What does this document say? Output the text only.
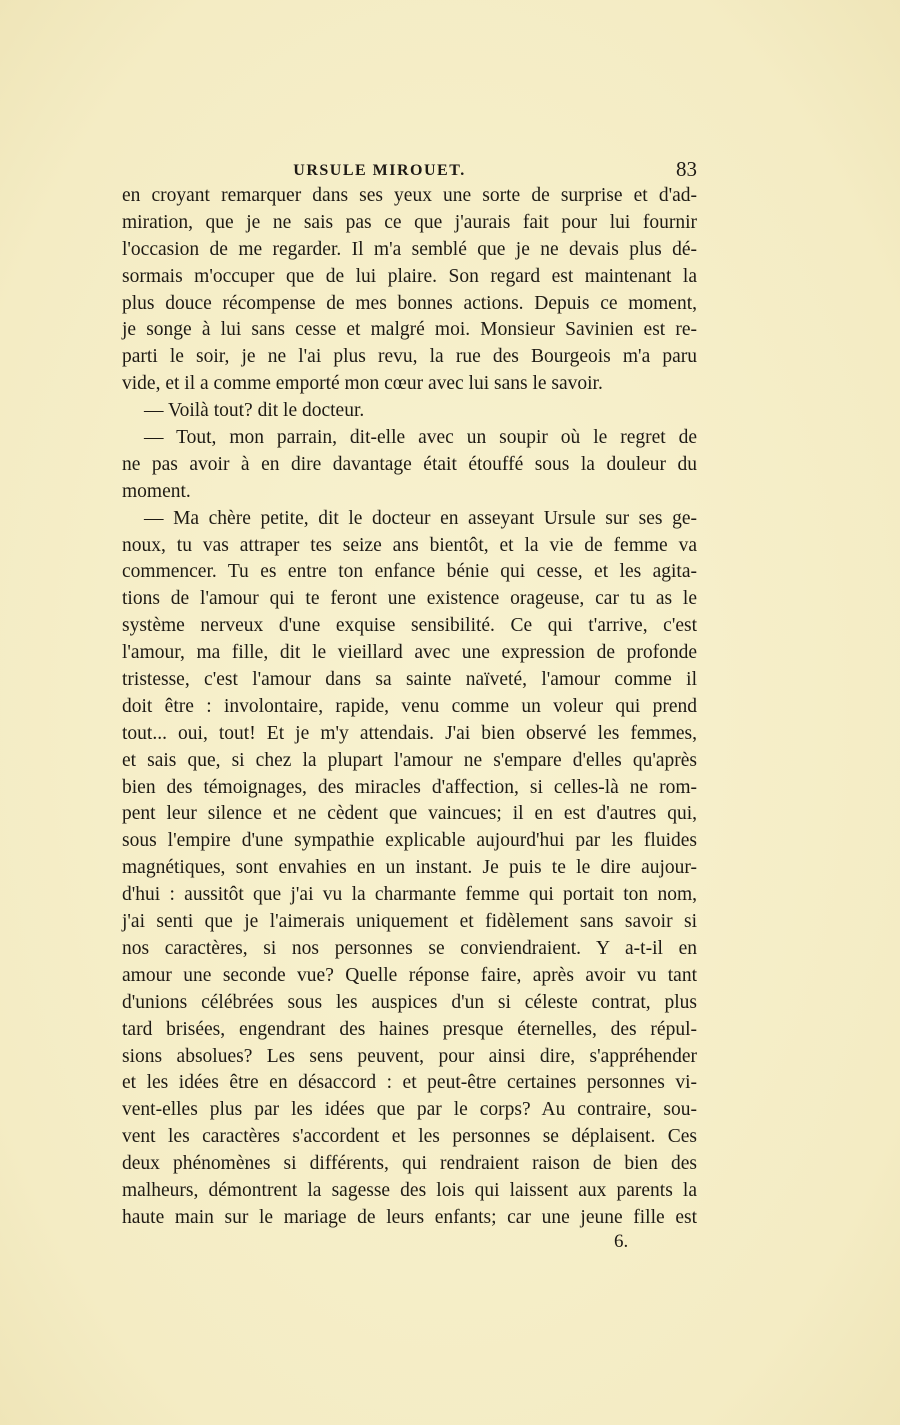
URSULE MIROUET.	83
en croyant remarquer dans ses yeux une sorte de surprise et d'ad-
miration, que je ne sais pas ce que j'aurais fait pour lui fournir
l'occasion de me regarder. Il m'a semblé que je ne devais plus dé-
sormais m'occuper que de lui plaire. Son regard est maintenant la
plus douce récompense de mes bonnes actions. Depuis ce moment,
je songe à lui sans cesse et malgré moi. Monsieur Savinien est re-
parti le soir, je ne l'ai plus revu, la rue des Bourgeois m'a paru
vide, et il a comme emporté mon cœur avec lui sans le savoir.
— Voilà tout? dit le docteur.
— Tout, mon parrain, dit-elle avec un soupir où le regret de
ne pas avoir à en dire davantage était étouffé sous la douleur du
moment.
— Ma chère petite, dit le docteur en asseyant Ursule sur ses ge-
noux, tu vas attraper tes seize ans bientôt, et la vie de femme va
commencer. Tu es entre ton enfance bénie qui cesse, et les agita-
tions de l'amour qui te feront une existence orageuse, car tu as le
système nerveux d'une exquise sensibilité. Ce qui t'arrive, c'est
l'amour, ma fille, dit le vieillard avec une expression de profonde
tristesse, c'est l'amour dans sa sainte naïveté, l'amour comme il
doit être : involontaire, rapide, venu comme un voleur qui prend
tout... oui, tout! Et je m'y attendais. J'ai bien observé les femmes,
et sais que, si chez la plupart l'amour ne s'empare d'elles qu'après
bien des témoignages, des miracles d'affection, si celles-là ne rom-
pent leur silence et ne cèdent que vaincues; il en est d'autres qui,
sous l'empire d'une sympathie explicable aujourd'hui par les fluides
magnétiques, sont envahies en un instant. Je puis te le dire aujour-
d'hui : aussitôt que j'ai vu la charmante femme qui portait ton nom,
j'ai senti que je l'aimerais uniquement et fidèlement sans savoir si
nos caractères, si nos personnes se conviendraient. Y a-t-il en
amour une seconde vue? Quelle réponse faire, après avoir vu tant
d'unions célébrées sous les auspices d'un si céleste contrat, plus
tard brisées, engendrant des haines presque éternelles, des répul-
sions absolues? Les sens peuvent, pour ainsi dire, s'appréhender
et les idées être en désaccord : et peut-être certaines personnes vi-
vent-elles plus par les idées que par le corps? Au contraire, sou-
vent les caractères s'accordent et les personnes se déplaisent. Ces
deux phénomènes si différents, qui rendraient raison de bien des
malheurs, démontrent la sagesse des lois qui laissent aux parents la
haute main sur le mariage de leurs enfants; car une jeune fille est
6.
